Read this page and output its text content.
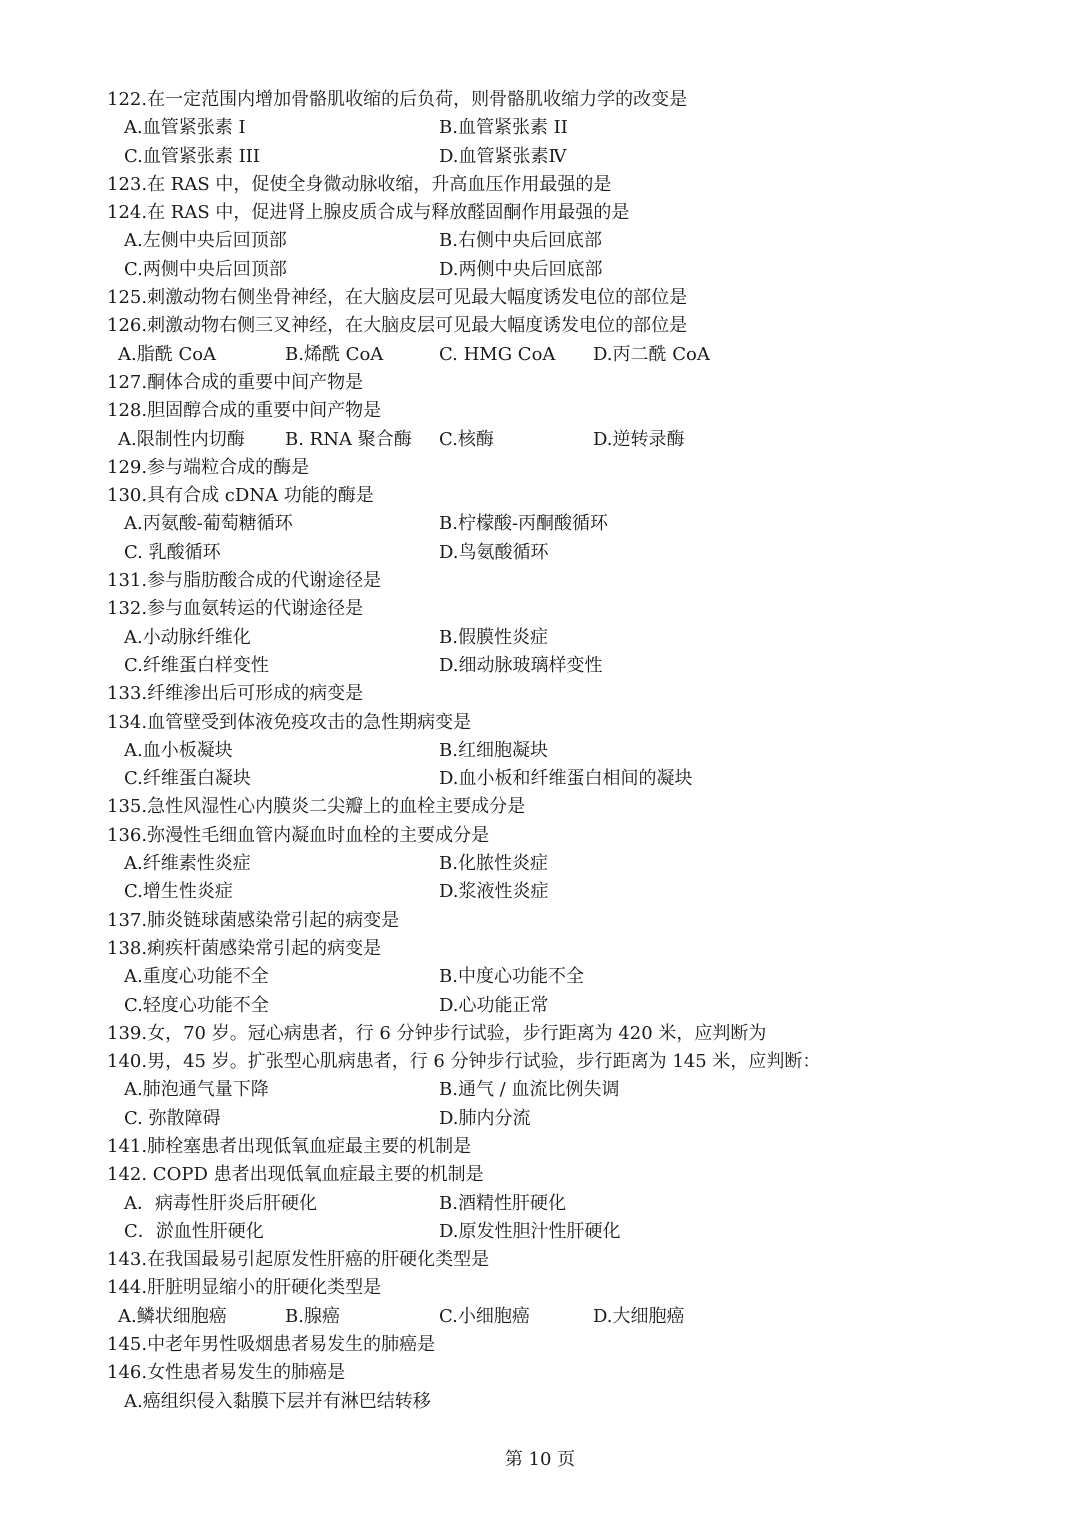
122.在一定范围内增加骨骼肌收缩的后负荷，则骨骼肌收缩力学的改变是
A.血管紧张素 Ⅰ	B.血管紧张素 II
C.血管紧张素 III	D.血管紧张素Ⅳ
123.在 RAS 中，促使全身微动脉收缩，升高血压作用最强的是
124.在 RAS 中，促进肾上腺皮质合成与释放醛固酮作用最强的是
A.左侧中央后回顶部	B.右侧中央后回底部
C.两侧中央后回顶部	D.两侧中央后回底部
125.刺激动物右侧坐骨神经，在大脑皮层可见最大幅度诱发电位的部位是
126.刺激动物右侧三叉神经，在大脑皮层可见最大幅度诱发电位的部位是
A.脂酰 CoA	B.烯酰 CoA	C. HMG CoA D.丙二酰 CoA
127.酮体合成的重要中间产物是
128.胆固醇合成的重要中间产物是
A.限制性内切酶 B. RNA 聚合酶 C.核酶	D.逆转录酶
129.参与端粒合成的酶是
130.具有合成 cDNA 功能的酶是
A.丙氨酸-葡萄糖循环	B.柠檬酸-丙酮酸循环
C. 乳酸循环	D.鸟氨酸循环
131.参与脂肪酸合成的代谢途径是
132.参与血氨转运的代谢途径是
A.小动脉纤维化	B.假膜性炎症
C.纤维蛋白样变性	D.细动脉玻璃样变性
133.纤维渗出后可形成的病变是
134.血管壁受到体液免疫攻击的急性期病变是
A.血小板凝块	B.红细胞凝块
C.纤维蛋白凝块	D.血小板和纤维蛋白相间的凝块
135.急性风湿性心内膜炎二尖瓣上的血栓主要成分是
136.弥漫性毛细血管内凝血时血栓的主要成分是
A.纤维素性炎症	B.化脓性炎症
C.增生性炎症	D.浆液性炎症
137.肺炎链球菌感染常引起的病变是
138.痢疾杆菌感染常引起的病变是
A.重度心功能不全	B.中度心功能不全
C.轻度心功能不全	D.心功能正常
139.女，70 岁。冠心病患者，行 6 分钟步行试验，步行距离为 420 米，应判断为
140.男，45 岁。扩张型心肌病患者，行 6 分钟步行试验，步行距离为 145 米，应判断：
A.肺泡通气量下降	B.通气 / 血流比例失调
C. 弥散障碍	D.肺内分流
141.肺栓塞患者出现低氧血症最主要的机制是
142. COPD 患者出现低氧血症最主要的机制是
A．病毒性肝炎后肝硬化	B.酒精性肝硬化
C．淤血性肝硬化	D.原发性胆汁性肝硬化
143.在我国最易引起原发性肝癌的肝硬化类型是
144.肝脏明显缩小的肝硬化类型是
A.鳞状细胞癌	B.腺癌	C.小细胞癌	D.大细胞癌
145.中老年男性吸烟患者易发生的肺癌是
146.女性患者易发生的肺癌是
A.癌组织侵入黏膜下层并有淋巴结转移
第 10 页
